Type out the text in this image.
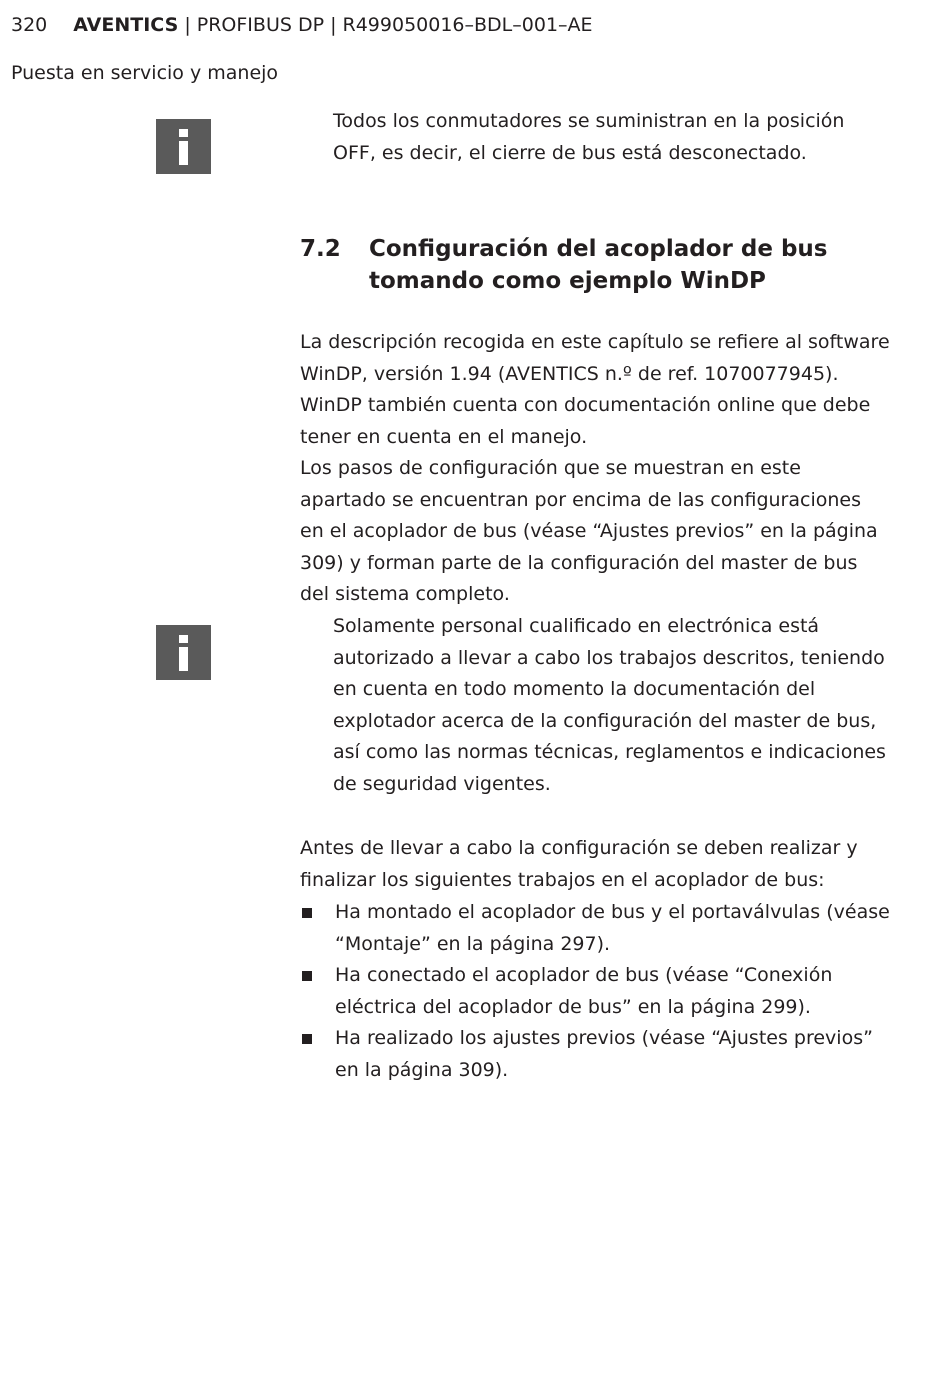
320 AVENTICS | PROFIBUS DP | R499050016–BDL–001–AE
Puesta en servicio y manejo

Todos los conmutadores se suministran en la posición OFF, es decir, el cierre de bus está desconectado.

7.2 Configuración del acoplador de bus tomando como ejemplo WinDP

La descripción recogida en este capítulo se refiere al software WinDP, versión 1.94 (AVENTICS n.º de ref. 1070077945). WinDP también cuenta con documentación online que debe tener en cuenta en el manejo.

Los pasos de configuración que se muestran en este apartado se encuentran por encima de las configuraciones en el acoplador de bus (véase “Ajustes previos” en la página 309) y forman parte de la configuración del master de bus del sistema completo.

Solamente personal cualificado en electrónica está autorizado a llevar a cabo los trabajos descritos, teniendo en cuenta en todo momento la documentación del explotador acerca de la configuración del master de bus, así como las normas técnicas, reglamentos e indicaciones de seguridad vigentes.

Antes de llevar a cabo la configuración se deben realizar y finalizar los siguientes trabajos en el acoplador de bus:

Ha montado el acoplador de bus y el portaválvulas (véase “Montaje” en la página 297).
Ha conectado el acoplador de bus (véase “Conexión eléctrica del acoplador de bus” en la página 299).
Ha realizado los ajustes previos (véase “Ajustes previos” en la página 309).
